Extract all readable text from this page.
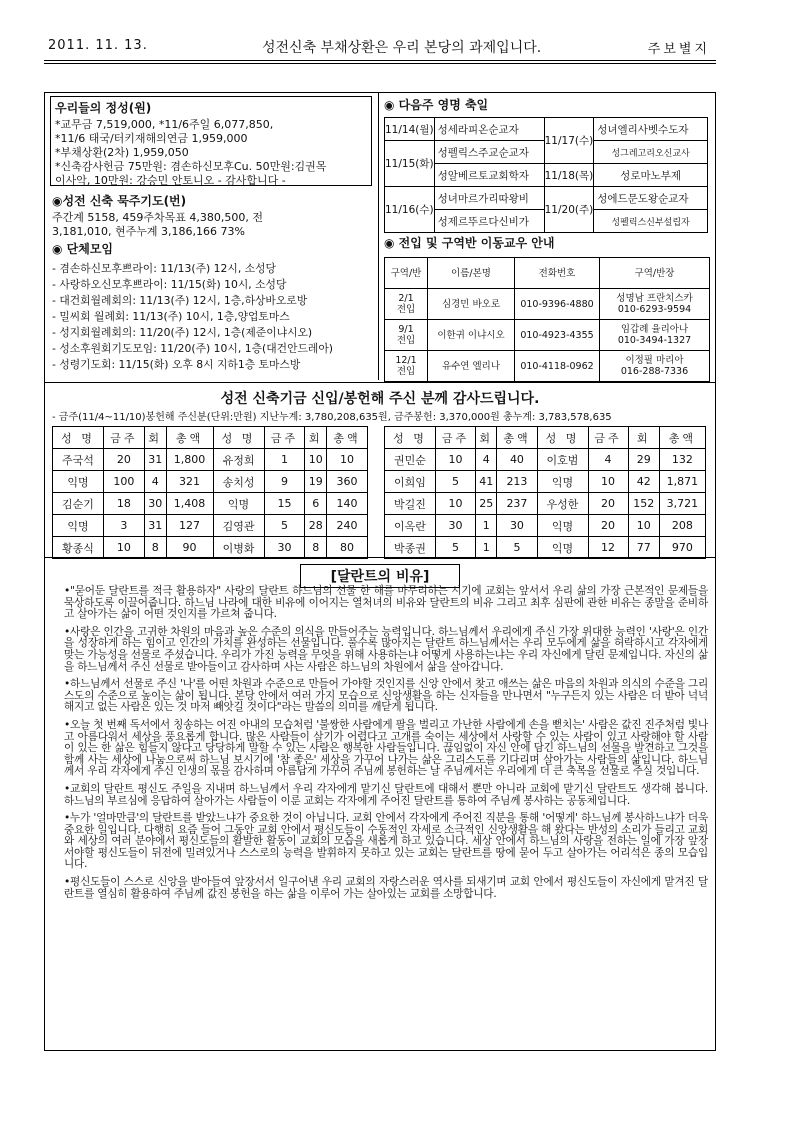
2011. 11. 13.	성전신축 부채상환은 우리 본당의 과제입니다.	주보별지
우리들의 정성(원)
*교무금 7,519,000, *11/6주일 6,077,850,
*11/6 태국/터키재해의연금 1,959,000
*부채상환(2차) 1,959,050
*신축감사헌금 75만원: 겸손하신모후Cu. 50만원:김권목
이사악, 10만원: 강승민 안토니오 - 감사합니다 -
◉성전 신축 묵주기도(번)
주간계 5158, 459주차목표 4,380,500, 전
3,181,010, 현주누계 3,186,166 73%
◉ 단체모임
- 겸손하신모후쁘라이: 11/13(주) 12시, 소성당
- 사랑하오신모후쁘라이: 11/15(화) 10시, 소성당
- 대건회월례회의: 11/13(주) 12시, 1층,하상바오로방
- 밀씨회 월례회: 11/13(주) 10시, 1층,양업토마스
- 성지회월례회의: 11/20(주) 12시, 1층(제준이냐시오)
- 성소후원회기도모임: 11/20(주) 10시, 1층(대건안드레아)
- 성령기도회: 11/15(화) 오후 8시 지하1층 토마스방
◉ 다음주 영명 축일
11/14(월)	성세라피온순교자	11/17(수)	성녀엘리사벳수도자
11/15(화)	성펠릭스주교순교자		성그레고리오신교사
	성알베르토교회학자	11/18(목)	성로마노부제
11/16(수)	성녀마르가리따왕비	11/20(주)	성에드문도왕순교자
	성제르뚜르다신비가		성펠릭스신부설립자
◉ 전입 및 구역반 이동교우 안내
구역/반	이름/본명	전화번호	구역/반장
2/1
전입	심경민 바오로	010-9396-4880	성명남 프란치스카
010-6293-9594
9/1
전입	이한귀 이냐시오	010-4923-4355	임갑례 율리아나
010-3494-1327
12/1
전입	유수연 엘리나	010-4118-0962	이정필 마리아
016-288-7336
성전 신축기금 신입/봉헌해 주신 분께 감사드립니다.
- 금주(11/4~11/10)봉헌해 주신분(단위:만원) 지난누계: 3,780,208,635원, 금주봉헌: 3,370,000원 총누계: 3,783,578,635
성 명	금주	회	총액	성 명	금주	회	총액
주국석	20	31	1,800	유정희	1	10	10
익명	100	4	321	송치성	9	19	360
김순기	18	30	1,408	익명	15	6	140
익명	3	31	127	김영관	5	28	240
황종식	10	8	90	이병화	30	8	80
성 명	금주	회	총액	성 명	금주	회	총액
권민순	10	4	40	이호범	4	29	132
이희임	5	41	213	익명	10	42	1,871
박길진	10	25	237	우성한	20	152	3,721
이옥란	30	1	30	익명	20	10	208
박종권	5	1	5	익명	12	77	970
[달란트의 비유]

•"묻어둔 달란트를 적극 활용하자" 사랑의 달란트 하느님의 선물 한 해를 마무리하는 시기에 교회는 앞서서 우리 삶의 가장 근본적인 문제들을 묵상하도록 이끌어줍니다. 하느님 나라에 대한 비유에 이어지는 열처녀의 비유와 달란트의 비유 그리고 최후 심판에 관한 비유는 종말을 준비하고 살아가는 삶이 어떤 것인지를 가르쳐 줍니다.

•사랑은 인간을 고귀한 차원의 마음과 높은 수준의 의식을 만들어주는 능력입니다. 하느님께서 우리에게 주신 가장 위대한 능력인 '사랑'은 인간을 성장하게 하는 힘이고 인간의 가치를 완성하는 선물입니다. 풀수록 많아지는 달란트 하느님께서는 우리 모두에게 삶을 허락하시고 각자에게 맞는 가능성을 선물로 주셨습니다. 우리가 가진 능력을 무엇을 위해 사용하는냐 어떻게 사용하는냐는 우리 자신에게 달린 문제입니다. 자신의 삶을 하느님께서 주신 선물로 받아들이고 감사하며 사는 사람은 하느님의 차원에서 삶을 살아갑니다.

•하느님께서 선물로 주신 '나'를 어떤 차원과 수준으로 만들어 가야할 것인지를 신앙 안에서 찾고 애쓰는 삶은 마음의 차원과 의식의 수준을 그리스도의 수준으로 높이는 삶이 됩니다. 본당 안에서 여러 가지 모습으로 신앙생활을 하는 신자들을 만나면서 "누구든지 있는 사람은 더 받아 넉넉해지고 없는 사람은 있는 것 마저 빼앗길 것이다"라는 말씀의 의미를 깨닫게 됩니다.

•오늘 첫 번째 독서에서 칭송하는 어진 아내의 모습처럼 '불쌍한 사람에게 팔을 벌리고 가난한 사람에게 손을 뻗치는' 사람은 값진 진주처럼 빛나고 아름다워서 세상을 풍요롭게 합니다. 많은 사람들이 살기가 어렵다고 고개를 숙이는 세상에서 사랑할 수 있는 사람이 있고 사랑해야 할 사람이 있는 한 삶은 힘들지 않다고 당당하게 말할 수 있는 사람은 행복한 사람들입니다. 끊임없이 자신 안에 담긴 하느님의 선물을 발견하고 그것을 함께 사는 세상에 나눔으로써 하느님 보시기에 '참 좋은' 세상을 가꾸어 나가는 삶은 그리스도를 기다리며 살아가는 사람들의 삶입니다. 하느님께서 우리 각자에게 주신 인생의 몫을 감사하며 아름답게 가꾸어 주님께 봉헌하는 날 주님께서는 우리에게 더 큰 축복을 선물로 주실 것입니다.

•교회의 달란트 평신도 주일을 지내며 하느님께서 우리 각자에게 맡기신 달란트에 대해서 뿐만 아니라 교회에 맡기신 달란트도 생각해 봅니다. 하느님의 부르심에 응답하여 살아가는 사람들이 이룬 교회는 각자에게 주어진 달란트를 통하여 주님께 봉사하는 공동체입니다.

•누가 '얼마만큼'의 달란트를 받았느냐가 중요한 것이 아닙니다. 교회 안에서 각자에게 주어진 직분을 통해 '어떻게' 하느님께 봉사하느냐가 더욱 중요한 일입니다. 다행히 요즘 들어 그동안 교회 안에서 평신도들이 수동적인 자세로 소극적인 신앙생활을 해 왔다는 반성의 소리가 들리고 교회와 세상의 여러 분야에서 평신도들의 활발한 활동이 교회의 모습을 새롭게 하고 있습니다. 세상 안에서 하느님의 사랑을 전하는 일에 가장 앞장서야할 평신도들이 뒤전에 밀려있거나 스스로의 능력을 발휘하지 못하고 있는 교회는 달란트를 땅에 묻어 두고 살아가는 어리석은 종의 모습입니다.

•평신도들이 스스로 신앙을 받아들여 앞장서서 일구어낸 우리 교회의 자랑스러운 역사를 되새기며 교회 안에서 평신도들이 자신에게 맡겨진 달란트를 열심히 활용하여 주님께 값진 봉헌을 하는 삶을 이루어 가는 살아있는 교회를 소망합니다.
